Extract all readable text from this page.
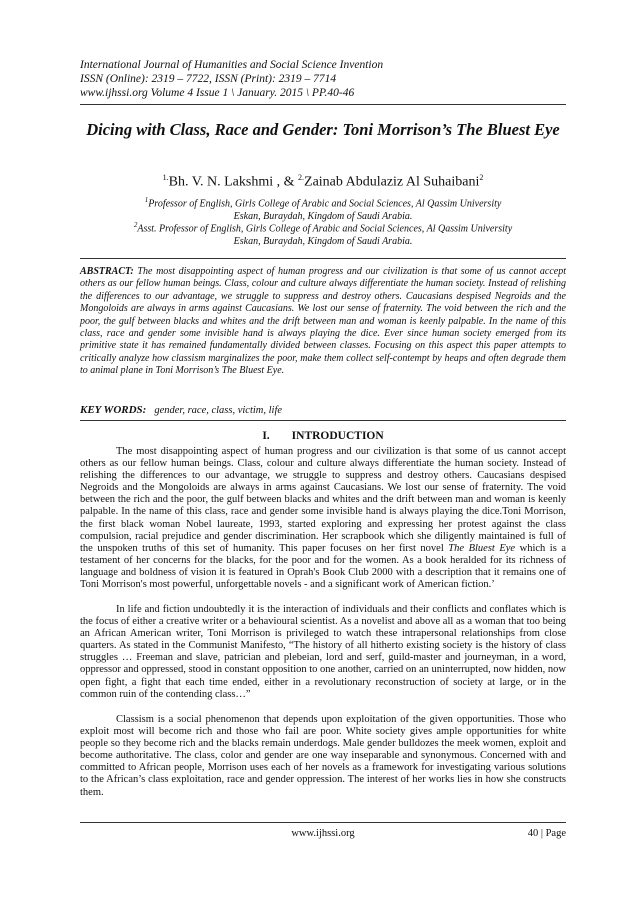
International Journal of Humanities and Social Science Invention
ISSN (Online): 2319 – 7722, ISSN (Print): 2319 – 7714
www.ijhssi.org Volume 4 Issue 1 \ January. 2015 \ PP.40-46
Dicing with Class, Race and Gender: Toni Morrison’s The Bluest Eye
$^{1.}$Bh. V. N. Lakshmi , & $^{2.}$Zainab Abdulaziz Al Suhaibani$^2$
$^1$Professor of English, Girls College of Arabic and Social Sciences, Al Qassim University
Eskan, Buraydah, Kingdom of Saudi Arabia.
$^2$Asst. Professor of English, Girls College of Arabic and Social Sciences, Al Qassim University
Eskan, Buraydah, Kingdom of Saudi Arabia.
ABSTRACT: The most disappointing aspect of human progress and our civilization is that some of us cannot accept others as our fellow human beings. Class, colour and culture always differentiate the human society. Instead of relishing the differences to our advantage, we struggle to suppress and destroy others. Caucasians despised Negroids and the Mongoloids are always in arms against Caucasians. We lost our sense of fraternity. The void between the rich and the poor, the gulf between blacks and whites and the drift between man and woman is keenly palpable. In the name of this class, race and gender some invisible hand is always playing the dice. Ever since human society emerged from its primitive state it has remained fundamentally divided between classes. Focusing on this aspect this paper attempts to critically analyze how classism marginalizes the poor, make them collect self-contempt by heaps and often degrade them to animal plane in Toni Morrison’s The Bluest Eye.
KEY WORDS: gender, race, class, victim, life
I. INTRODUCTION

The most disappointing aspect of human progress and our civilization is that some of us cannot accept others as our fellow human beings. Class, colour and culture always differentiate the human society. Instead of relishing the differences to our advantage, we struggle to suppress and destroy others. Caucasians despised Negroids and the Mongoloids are always in arms against Caucasians. We lost our sense of fraternity. The void between the rich and the poor, the gulf between blacks and whites and the drift between man and woman is keenly palpable. In the name of this class, race and gender some invisible hand is always playing the dice.Toni Morrison, the first black woman Nobel laureate, 1993, started exploring and expressing her protest against the class compulsion, racial prejudice and gender discrimination. Her scrapbook which she diligently maintained is full of the unspoken truths of this set of humanity. This paper focuses on her first novel The Bluest Eye which is a testament of her concerns for the blacks, for the poor and for the women. As a book heralded for its richness of language and boldness of vision it is featured in Oprah's Book Club 2000 with a description that it remains one of Toni Morrison's most powerful, unforgettable novels - and a significant work of American fiction.’

In life and fiction undoubtedly it is the interaction of individuals and their conflicts and conflates which is the focus of either a creative writer or a behavioural scientist. As a novelist and above all as a woman that too being an African American writer, Toni Morrison is privileged to watch these intrapersonal relationships from close quarters. As stated in the Communist Manifesto, “The history of all hitherto existing society is the history of class struggles … Freeman and slave, patrician and plebeian, lord and serf, guild-master and journeyman, in a word, oppressor and oppressed, stood in constant opposition to one another, carried on an uninterrupted, now hidden, now open fight, a fight that each time ended, either in a revolutionary reconstruction of society at large, or in the common ruin of the contending class…”

Classism is a social phenomenon that depends upon exploitation of the given opportunities. Those who exploit most will become rich and those who fail are poor. White society gives ample opportunities for white people so they become rich and the blacks remain underdogs. Male gender bulldozes the meek women, exploit and become authoritative. The class, color and gender are one way inseparable and synonymous. Concerned with and committed to African people, Morrison uses each of her novels as a framework for investigating various solutions to the African’s class exploitation, race and gender oppression. The interest of her works lies in how she constructs them.

www.ijhssi.org	40 | Page
